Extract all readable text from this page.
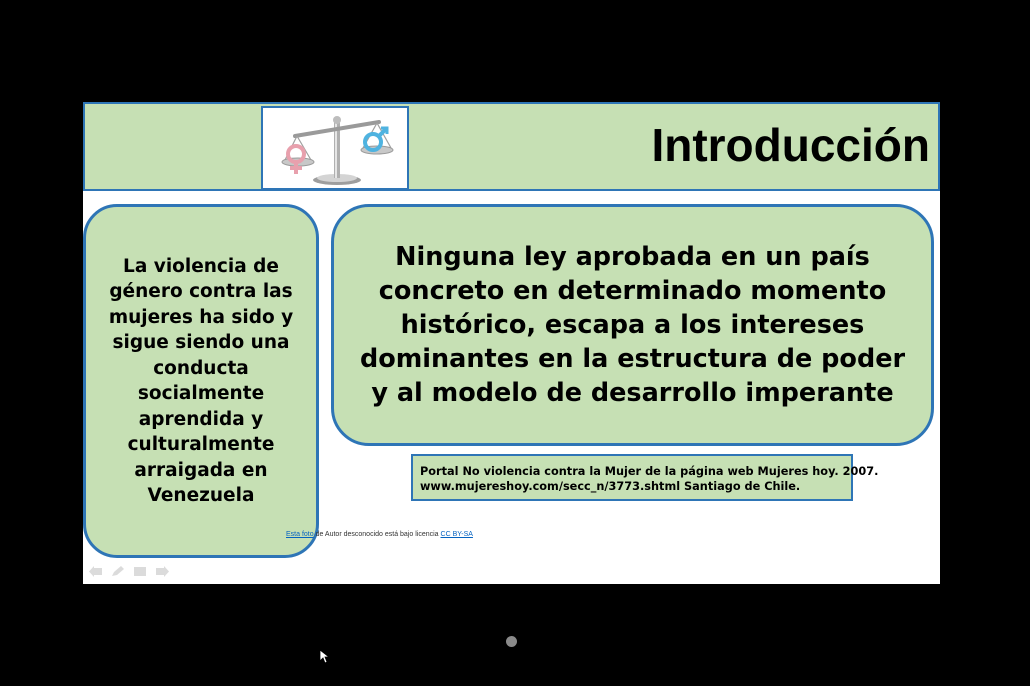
Introducción
La violencia de género contra las mujeres ha sido y sigue siendo una conducta socialmente aprendida y culturalmente arraigada en Venezuela
Ninguna ley aprobada en un país concreto en determinado momento histórico, escapa a los intereses dominantes en la estructura de poder y al modelo de desarrollo imperante
Portal No violencia contra la Mujer de la página web Mujeres hoy. 2007.
www.mujereshoy.com/secc_n/3773.shtml Santiago de Chile.
Esta foto de Autor desconocido está bajo licencia CC BY-SA
